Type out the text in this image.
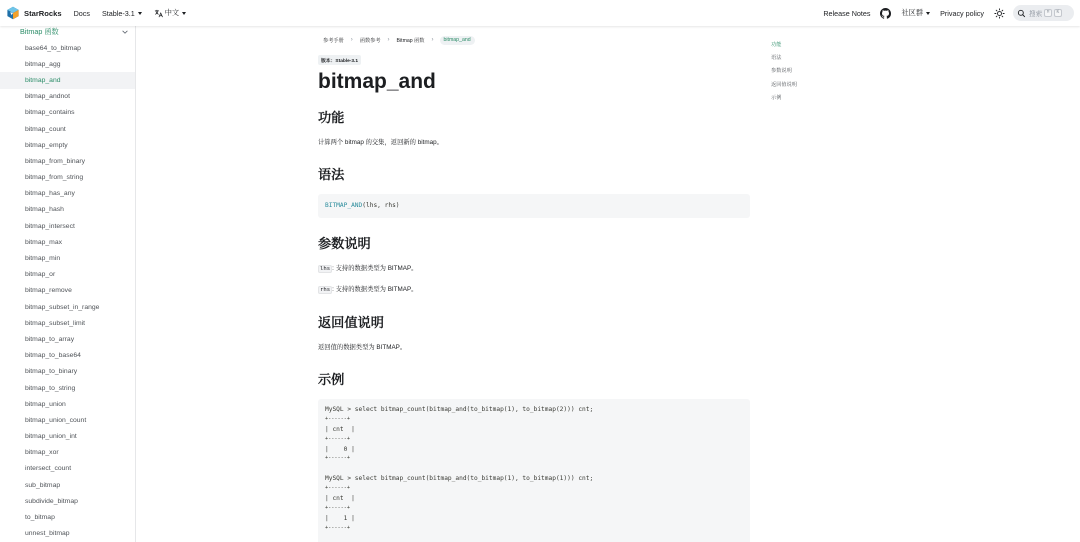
StarRocks Docs Stable-3.1	中文	Release Notes	社区群 Privacy policy	搜索 ⌘	K
Bitmap 函数
base64_to_bitmap
bitmap_agg
bitmap_and
bitmap_andnot
bitmap_contains
bitmap_count
bitmap_empty
bitmap_from_binary
bitmap_from_string
bitmap_has_any
bitmap_hash
bitmap_intersect
bitmap_max
bitmap_min
bitmap_or
bitmap_remove
bitmap_subset_in_range
bitmap_subset_limit
bitmap_to_array
bitmap_to_base64
bitmap_to_binary
bitmap_to_string
bitmap_union
bitmap_union_count
bitmap_union_int
bitmap_xor
intersect_count
sub_bitmap
subdivide_bitmap
to_bitmap
unnest_bitmap
参考手册 › 函数参考 › Bitmap 函数 ›	bitmap_and
版本：Stable-3.1
bitmap_and
功能

计算两个 bitmap 的交集，返回新的 bitmap。

语法
BITMAP_AND(lhs, rhs)
参数说明

lhs : 支持的数据类型为 BITMAP。

rhs : 支持的数据类型为 BITMAP。

返回值说明

返回值的数据类型为 BITMAP。

示例
MySQL > select bitmap_count(bitmap_and(to_bitmap(1), to_bitmap(2))) cnt;
+------+
| cnt  |
+------+
|    0 |
+------+
MySQL > select bitmap_count(bitmap_and(to_bitmap(1), to_bitmap(1))) cnt;
+------+
| cnt  |
+------+
|    1 |
+------+
功能
语法
参数说明
返回值说明
示例
